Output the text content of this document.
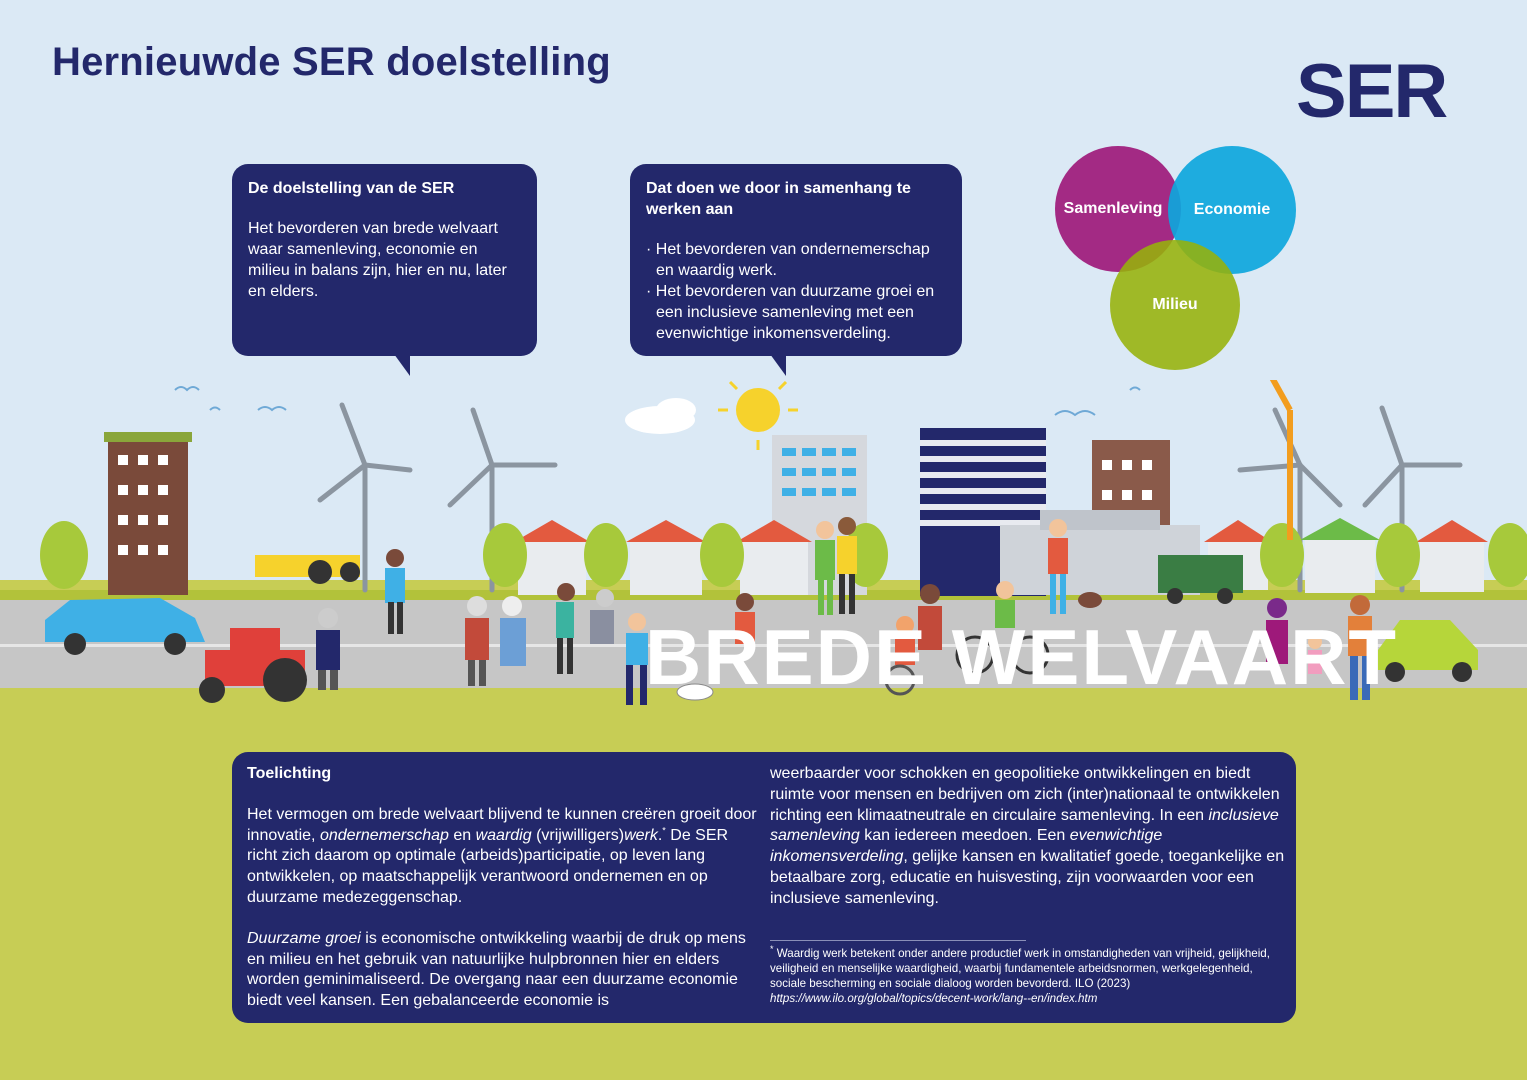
Hernieuwde SER doelstelling	SER
De doelstelling van de SER

Het bevorderen van brede welvaart waar samenleving, economie en milieu in balans zijn, hier en nu, later en elders.

Dat doen we door in samenhang te werken aan
· Het bevorderen van ondernemerschap en waardig werk.
· Het bevorderen van duurzame groei en een inclusieve samenleving met een evenwichtige inkomensverdeling.
Samenleving Economie
Milieu
BREDE WELVAART
Toelichting

Het vermogen om brede welvaart blijvend te kunnen creëren groeit door innovatie, ondernemerschap en waardig (vrijwilligers)werk.* De SER richt zich daarom op optimale (arbeids)participatie, op leven lang ontwikkelen, op maatschappelijk verantwoord ondernemen en op duurzame medezeggenschap.

Duurzame groei is economische ontwikkeling waarbij de druk op mens en milieu en het gebruik van natuurlijke hulpbronnen hier en elders worden geminimaliseerd. De overgang naar een duurzame economie biedt veel kansen. Een gebalanceerde economie is

weerbaarder voor schokken en geopolitieke ontwikkelingen en biedt ruimte voor mensen en bedrijven om zich (inter)nationaal te ontwikkelen richting een klimaatneutrale en circulaire samenleving. In een inclusieve samenleving kan iedereen meedoen. Een evenwichtige inkomensverdeling, gelijke kansen en kwalitatief goede, toegankelijke en betaalbare zorg, educatie en huisvesting, zijn voorwaarden voor een inclusieve samenleving.

* Waardig werk betekent onder andere productief werk in omstandigheden van vrijheid, gelijkheid, veiligheid en menselijke waardigheid, waarbij fundamentele arbeidsnormen, werkgelegenheid, sociale bescherming en sociale dialoog worden bevorderd. ILO (2023)
https://www.ilo.org/global/topics/decent-work/lang--en/index.htm
